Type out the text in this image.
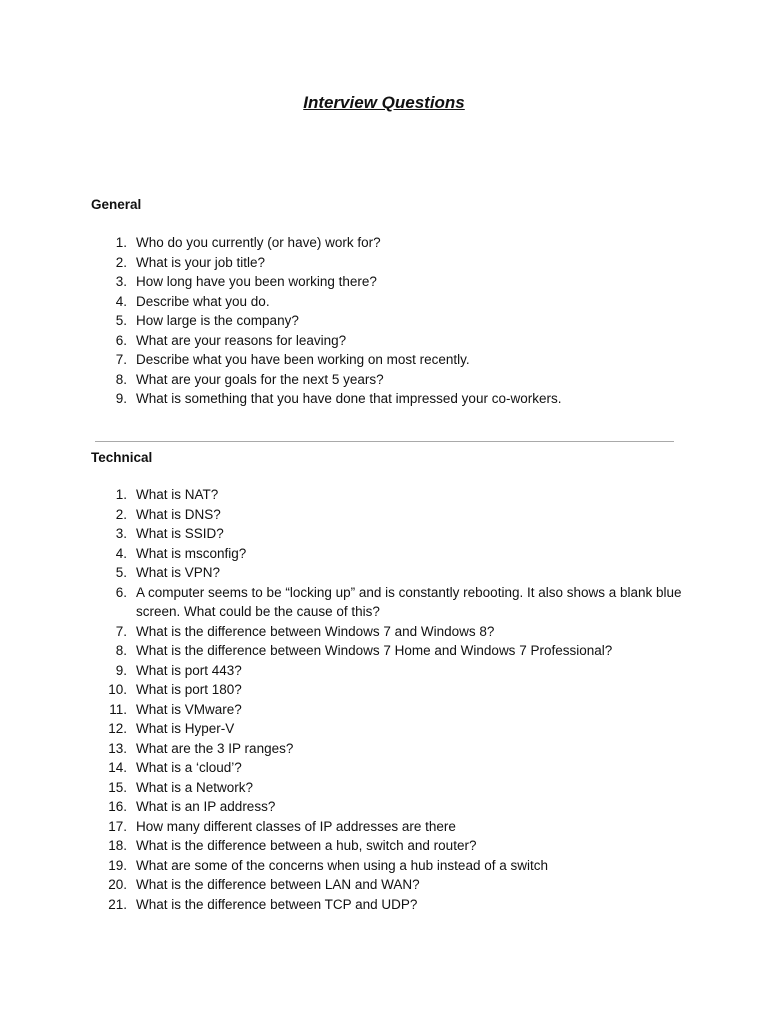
Interview Questions
General
1. Who do you currently (or have) work for?
2. What is your job title?
3. How long have you been working there?
4. Describe what you do.
5. How large is the company?
6. What are your reasons for leaving?
7. Describe what you have been working on most recently.
8. What are your goals for the next 5 years?
9. What is something that you have done that impressed your co-workers.
Technical
1. What is NAT?
2. What is DNS?
3. What is SSID?
4. What is msconfig?
5. What is VPN?
6. A computer seems to be “locking up” and is constantly rebooting. It also shows a blank blue screen. What could be the cause of this?
7. What is the difference between Windows 7 and Windows 8?
8. What is the difference between Windows 7 Home and Windows 7 Professional?
9. What is port 443?
10. What is port 180?
11. What is VMware?
12. What is Hyper-V
13. What are the 3 IP ranges?
14. What is a ‘cloud’?
15. What is a Network?
16. What is an IP address?
17. How many different classes of IP addresses are there
18. What is the difference between a hub, switch and router?
19. What are some of the concerns when using a hub instead of a switch
20. What is the difference between LAN and WAN?
21. What is the difference between TCP and UDP?
